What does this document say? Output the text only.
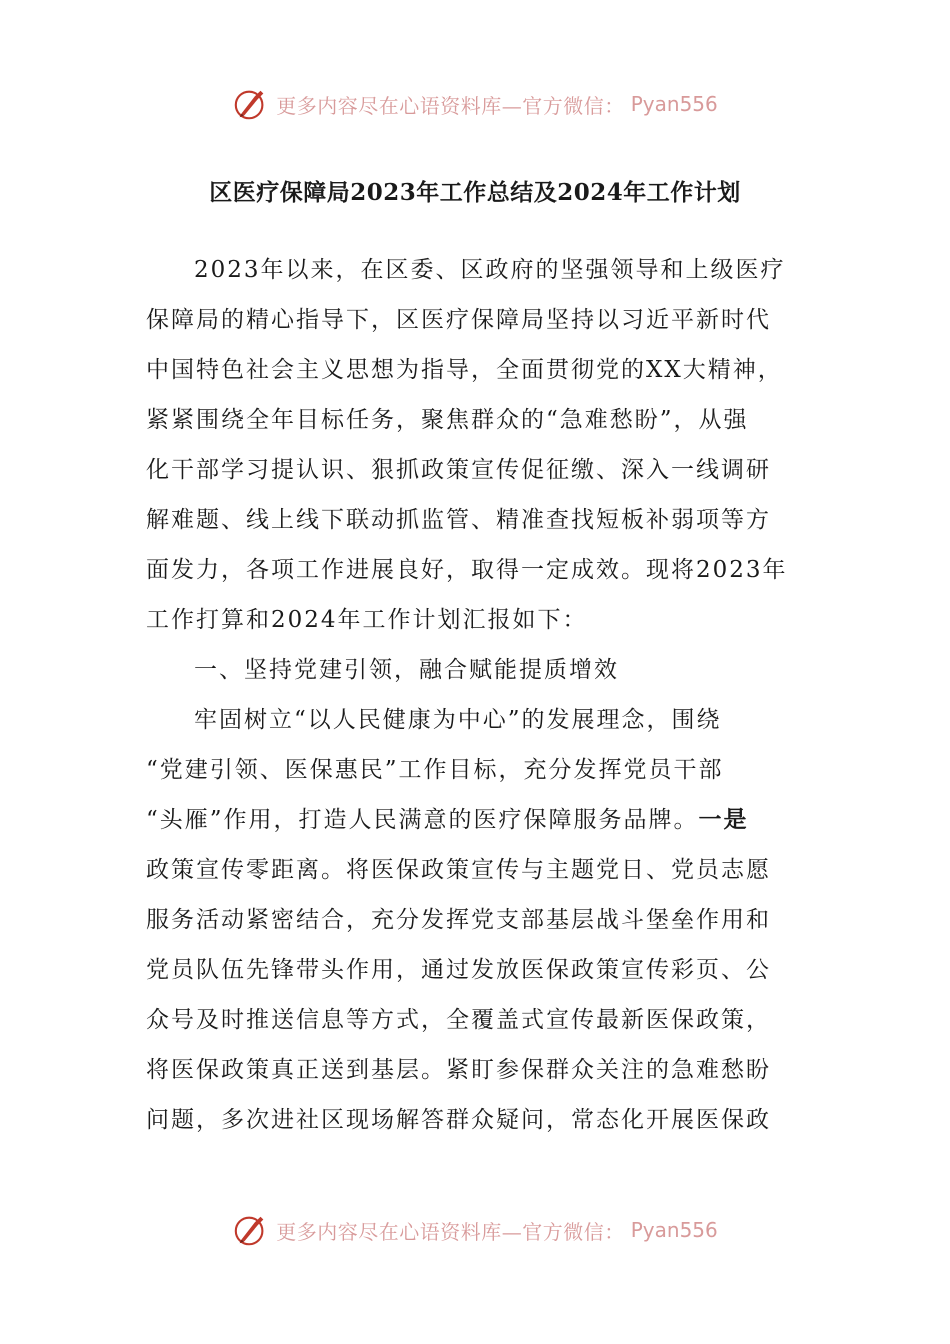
更多内容尽在心语资料库—官方微信： Pyan556
区医疗保障局2023年工作总结及2024年工作计划
2023年以来，在区委、区政府的坚强领导和上级医疗
保障局的精心指导下，区医疗保障局坚持以习近平新时代
中国特色社会主义思想为指导，全面贯彻党的XX大精神，
紧紧围绕全年目标任务，聚焦群众的“急难愁盼”，从强
化干部学习提认识、狠抓政策宣传促征缴、深入一线调研
解难题、线上线下联动抓监管、精准查找短板补弱项等方
面发力，各项工作进展良好，取得一定成效。现将2023年
工作打算和2024年工作计划汇报如下：
一、坚持党建引领，融合赋能提质增效
牢固树立“以人民健康为中心”的发展理念，围绕
“党建引领、医保惠民”工作目标，充分发挥党员干部
“头雁”作用，打造人民满意的医疗保障服务品牌。一是
政策宣传零距离。将医保政策宣传与主题党日、党员志愿
服务活动紧密结合，充分发挥党支部基层战斗堡垒作用和
党员队伍先锋带头作用，通过发放医保政策宣传彩页、公
众号及时推送信息等方式，全覆盖式宣传最新医保政策，
将医保政策真正送到基层。紧盯参保群众关注的急难愁盼
问题，多次进社区现场解答群众疑问，常态化开展医保政
更多内容尽在心语资料库—官方微信： Pyan556
